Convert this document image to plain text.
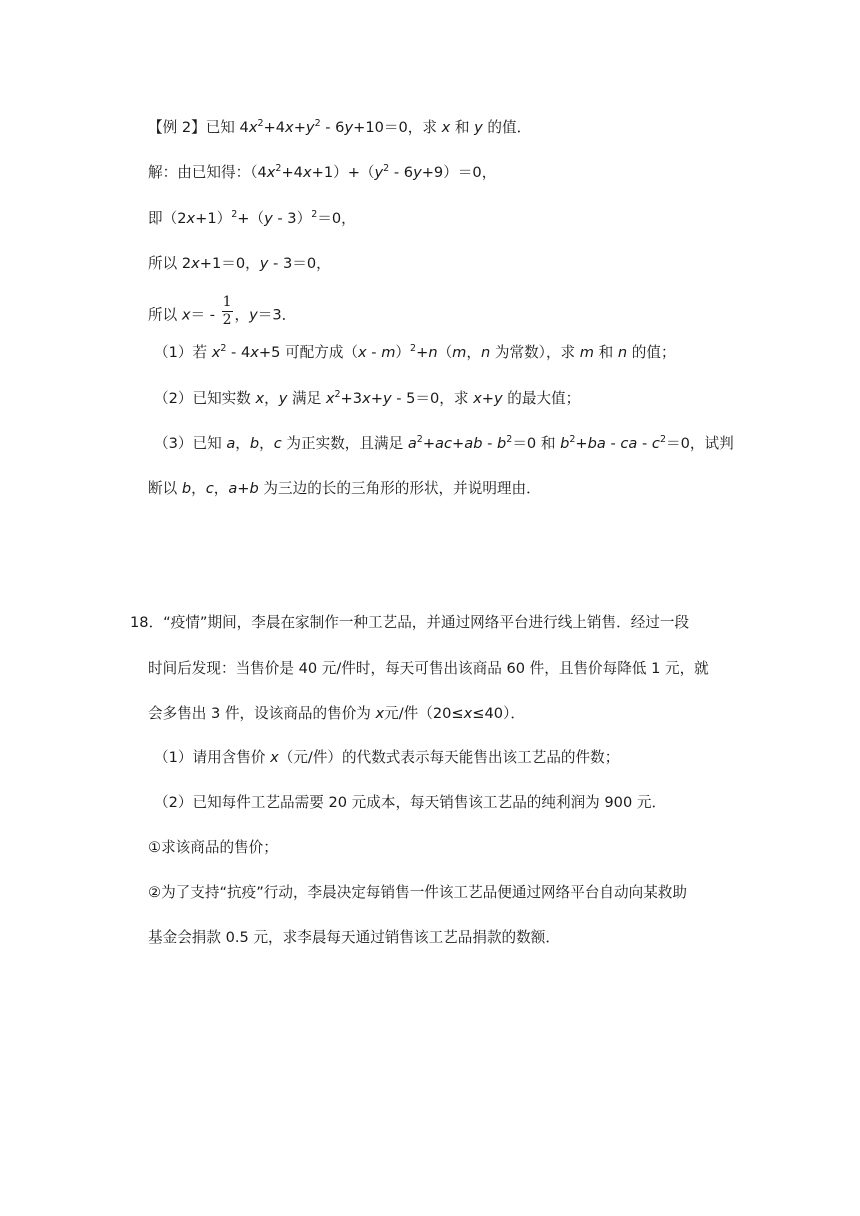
【例 2】已知 $4x^2+4x+y^2 - 6y+10=0$，求 x 和 y 的值．
解：由已知得：$(4x^2+4x+1)+(y^2 - 6y+9)=0$，
即$(2x+1)^2+(y - 3)^2=0$，
所以 2x+1＝0，y - 3＝0，
所以 $x= - \frac{1}{2}$ ，y＝3．
（1）若 $x^2 - 4x+5$ 可配方成（x - m）$^2$+n（m，n 为常数），求 m 和 n 的值；
（2）已知实数 x，y 满足 $x^2+3x+y - 5=0$，求 x+y 的最大值；
（3）已知 a，b，c 为正实数，且满足 $a^2+ac+ab - b^2=0$ 和 $b^2+ba$ - ca - $c^2=0$，试判
断以 b，c，a+b 为三边的长的三角形的形状，并说明理由．
18．“疫情”期间，李晨在家制作一种工艺品，并通过网络平台进行线上销售．经过一段
时间后发现：当售价是 40 元/件时，每天可售出该商品 60 件，且售价每降低 1 元，就
会多售出 3 件，设该商品的售价为 x元/件（20≤x≤40）．
（1）请用含售价 x（元/件）的代数式表示每天能售出该工艺品的件数；
（2）已知每件工艺品需要 20 元成本，每天销售该工艺品的纯利润为 900 元．
①求该商品的售价；
②为了支持“抗疫”行动，李晨决定每销售一件该工艺品便通过网络平台自动向某救助
基金会捐款 0.5 元，求李晨每天通过销售该工艺品捐款的数额．
